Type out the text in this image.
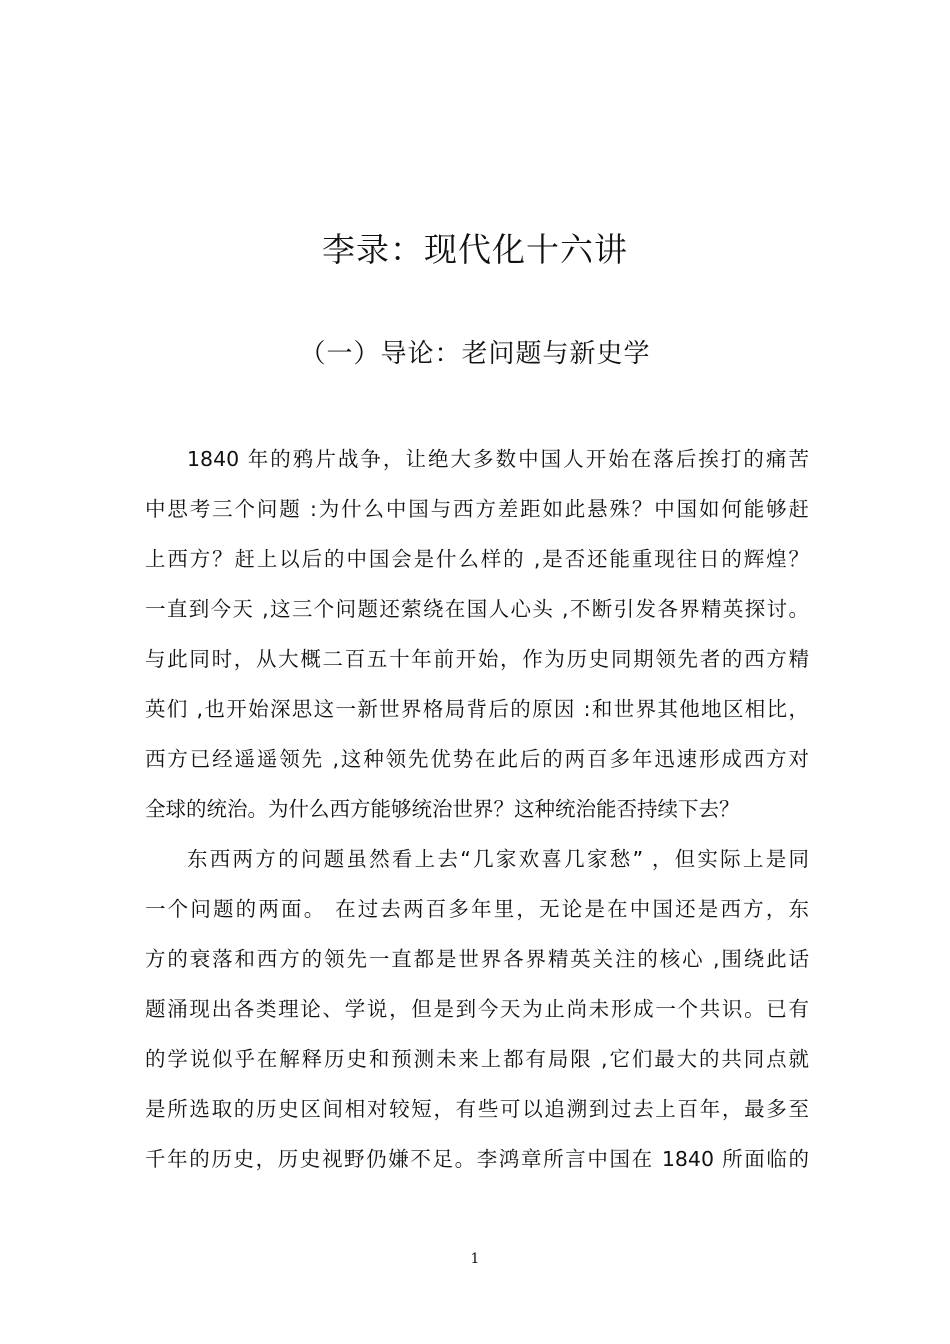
李录：现代化十六讲
（一）导论：老问题与新史学
1840 年的鸦片战争，让绝大多数中国人开始在落后挨打的痛苦
中思考三个问题 :为什么中国与西方差距如此悬殊？中国如何能够赶
上西方？赶上以后的中国会是什么样的 ,是否还能重现往日的辉煌？
一直到今天 ,这三个问题还萦绕在国人心头 ,不断引发各界精英探讨。
与此同时，从大概二百五十年前开始，作为历史同期领先者的西方精
英们 ,也开始深思这一新世界格局背后的原因 :和世界其他地区相比，
西方已经遥遥领先 ,这种领先优势在此后的两百多年迅速形成西方对
全球的统治。为什么西方能够统治世界？这种统治能否持续下去？
东西两方的问题虽然看上去“几家欢喜几家愁” ，但实际上是同
一个问题的两面。 在过去两百多年里，无论是在中国还是西方，东
方的衰落和西方的领先一直都是世界各界精英关注的核心 ,围绕此话
题涌现出各类理论、学说，但是到今天为止尚未形成一个共识。已有
的学说似乎在解释历史和预测未来上都有局限 ,它们最大的共同点就
是所选取的历史区间相对较短，有些可以追溯到过去上百年，最多至
千年的历史，历史视野仍嫌不足。李鸿章所言中国在 1840 所面临的
1
